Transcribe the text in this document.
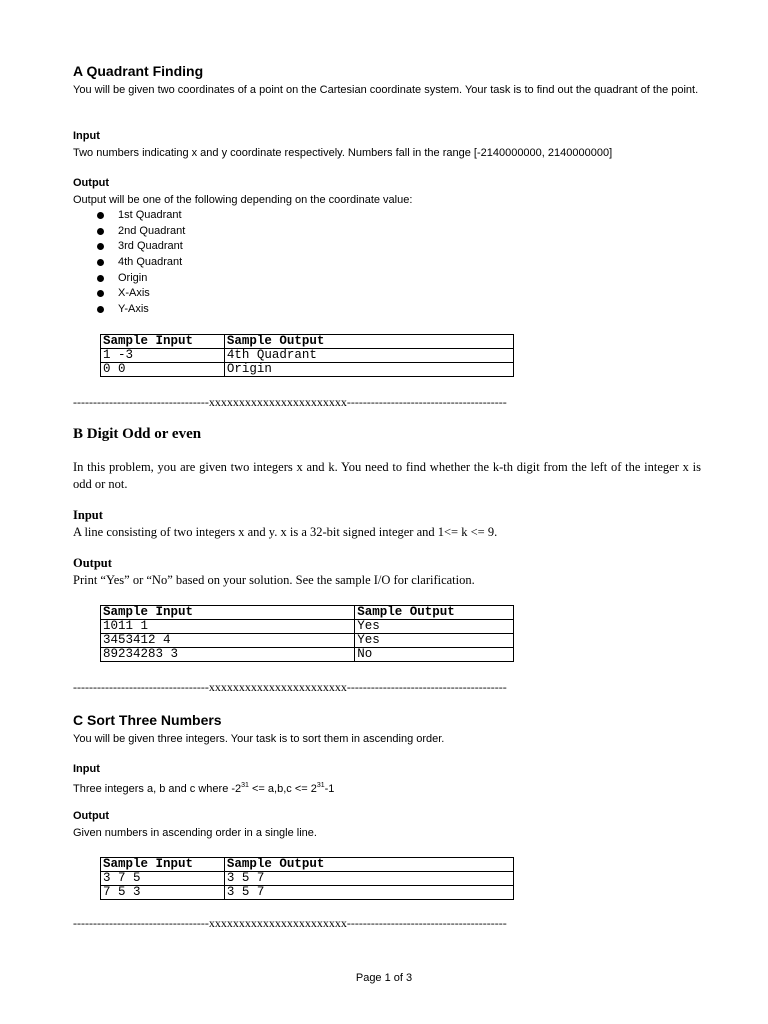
A Quadrant Finding
You will be given two coordinates of a point on the Cartesian coordinate system. Your task is to find out the quadrant of the point.
Input
Two numbers indicating x and y coordinate respectively. Numbers fall in the range [-2140000000, 2140000000]
Output
Output will be one of the following depending on the coordinate value:
1st Quadrant
2nd Quadrant
3rd Quadrant
4th Quadrant
Origin
X-Axis
Y-Axis
Sample Input	Sample Output
1 -3	4th Quadrant
0 0	Origin
----------------------------------xxxxxxxxxxxxxxxxxxxxxxx----------------------------------------
B Digit Odd or even
In this problem, you are given two integers x and k. You need to find whether the k-th digit from the left of the integer x is odd or not.
Input
A line consisting of two integers x and y. x is a 32-bit signed integer and 1<= k <= 9.
Output
Print “Yes” or “No” based on your solution. See the sample I/O for clarification.
Sample Input	Sample Output
1011 1	Yes
3453412 4	Yes
89234283 3	No
----------------------------------xxxxxxxxxxxxxxxxxxxxxxx----------------------------------------
C Sort Three Numbers
You will be given three integers. Your task is to sort them in ascending order.
Input
Three integers a, b and c where $-2^{31} <= a,b,c <= 2^{31}-1$
Output
Given numbers in ascending order in a single line.
Sample Input	Sample Output
3 7 5	3 5 7
7 5 3	3 5 7
----------------------------------xxxxxxxxxxxxxxxxxxxxxxx----------------------------------------
Page 1 of 3
